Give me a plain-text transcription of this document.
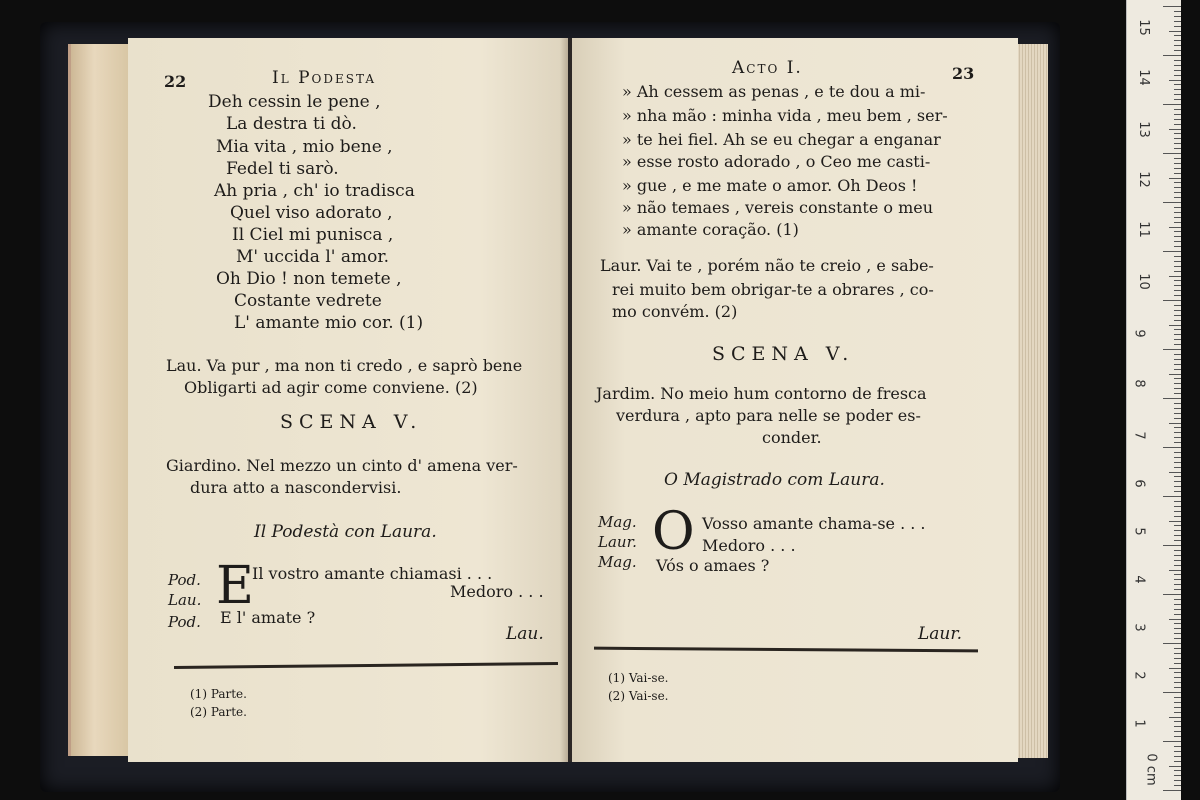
22	Il Podesta
Deh cessin le pene ,
La destra ti dò.
Mia vita , mio bene ,
Fedel ti sarò.
Ah pria , ch' io tradisca
Quel viso adorato ,
Il Ciel mi punisca ,
M' uccida l' amor.
Oh Dio ! non temete ,
Costante vedrete
L' amante mio cor. (1)
Lau. Va pur , ma non ti credo , e saprò bene
Obligarti ad agir come conviene. (2)
SCENA V.
Giardino. Nel mezzo un cinto d' amena ver-
dura atto a nascondervisi.
Il Podestà con Laura.
E
Pod.	Il vostro amante chiamasi . . .
Lau.	Medoro . . .
Pod. E l' amate ?
Lau.
(1) Parte.
(2) Parte.
Acto I.	23
» Ah cessem as penas , e te dou a mi-
» nha mão : minha vida , meu bem , ser-
» te hei fiel. Ah se eu chegar a enganar
» esse rosto adorado , o Ceo me casti-
» gue , e me mate o amor. Oh Deos !
» não temaes , vereis constante o meu
» amante coração. (1)
Laur. Vai te , porém não te creio , e sabe-
rei muito bem obrigar-te a obrares , co-
mo convém. (2)
SCENA V.
Jardim. No meio hum contorno de fresca
verdura , apto para nelle se poder es-
conder.
O Magistrado com Laura.
O
Mag.	Vosso amante chama-se . . .
Laur.	Medoro . . .
Mag. Vós o amaes ?
Laur.
(1) Vai-se.
(2) Vai-se.
0 cm
1
2
3
4
5
6
7
8
9
10
11
12
13
14
15
